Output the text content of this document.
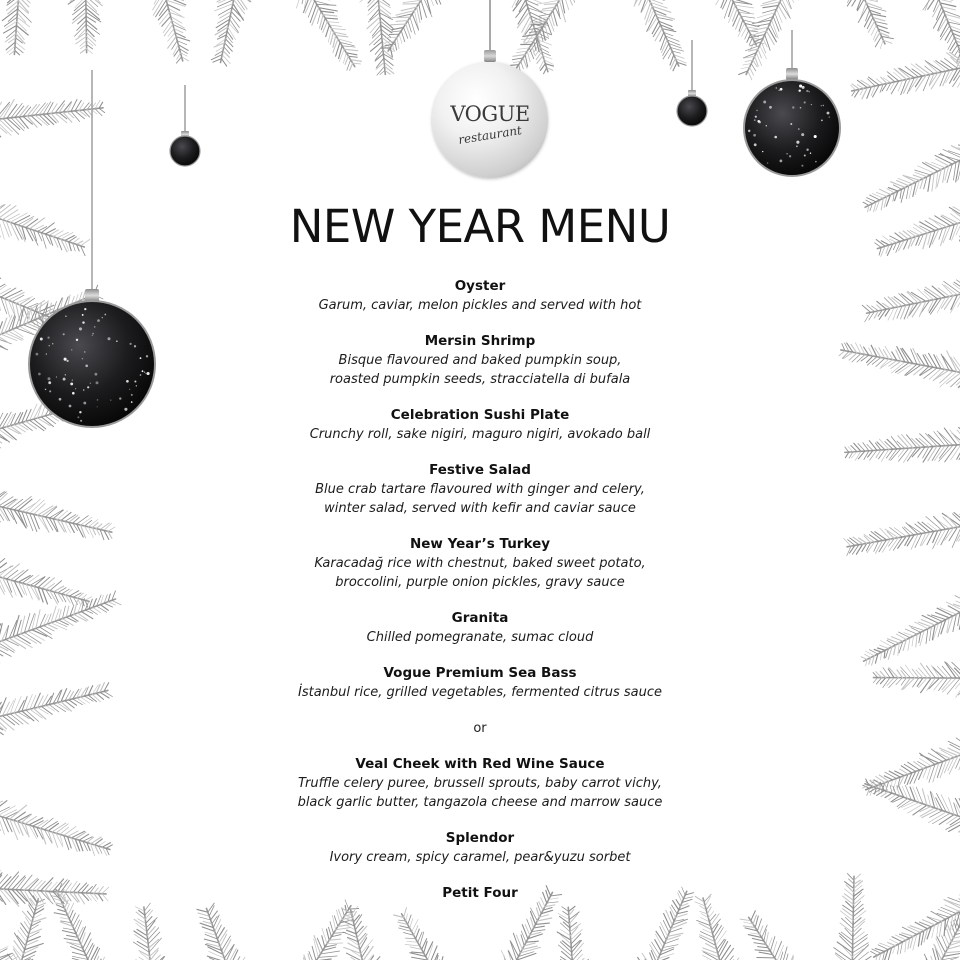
VOGUE
restaurant
NEW YEAR MENU
Oyster
Garum, caviar, melon pickles and served with hot
Mersin Shrimp
Bisque flavoured and baked pumpkin soup,
roasted pumpkin seeds, stracciatella di bufala
Celebration Sushi Plate
Crunchy roll, sake nigiri, maguro nigiri, avokado ball
Festive Salad
Blue crab tartare flavoured with ginger and celery,
winter salad, served with kefir and caviar sauce
New Year’s Turkey
Karacadağ rice with chestnut, baked sweet potato,
broccolini, purple onion pickles, gravy sauce
Granita
Chilled pomegranate, sumac cloud
Vogue Premium Sea Bass
İstanbul rice, grilled vegetables, fermented citrus sauce
or
Veal Cheek with Red Wine Sauce
Truffle celery puree, brussell sprouts, baby carrot vichy,
black garlic butter, tangazola cheese and marrow sauce
Splendor
Ivory cream, spicy caramel, pear&yuzu sorbet
Petit Four
